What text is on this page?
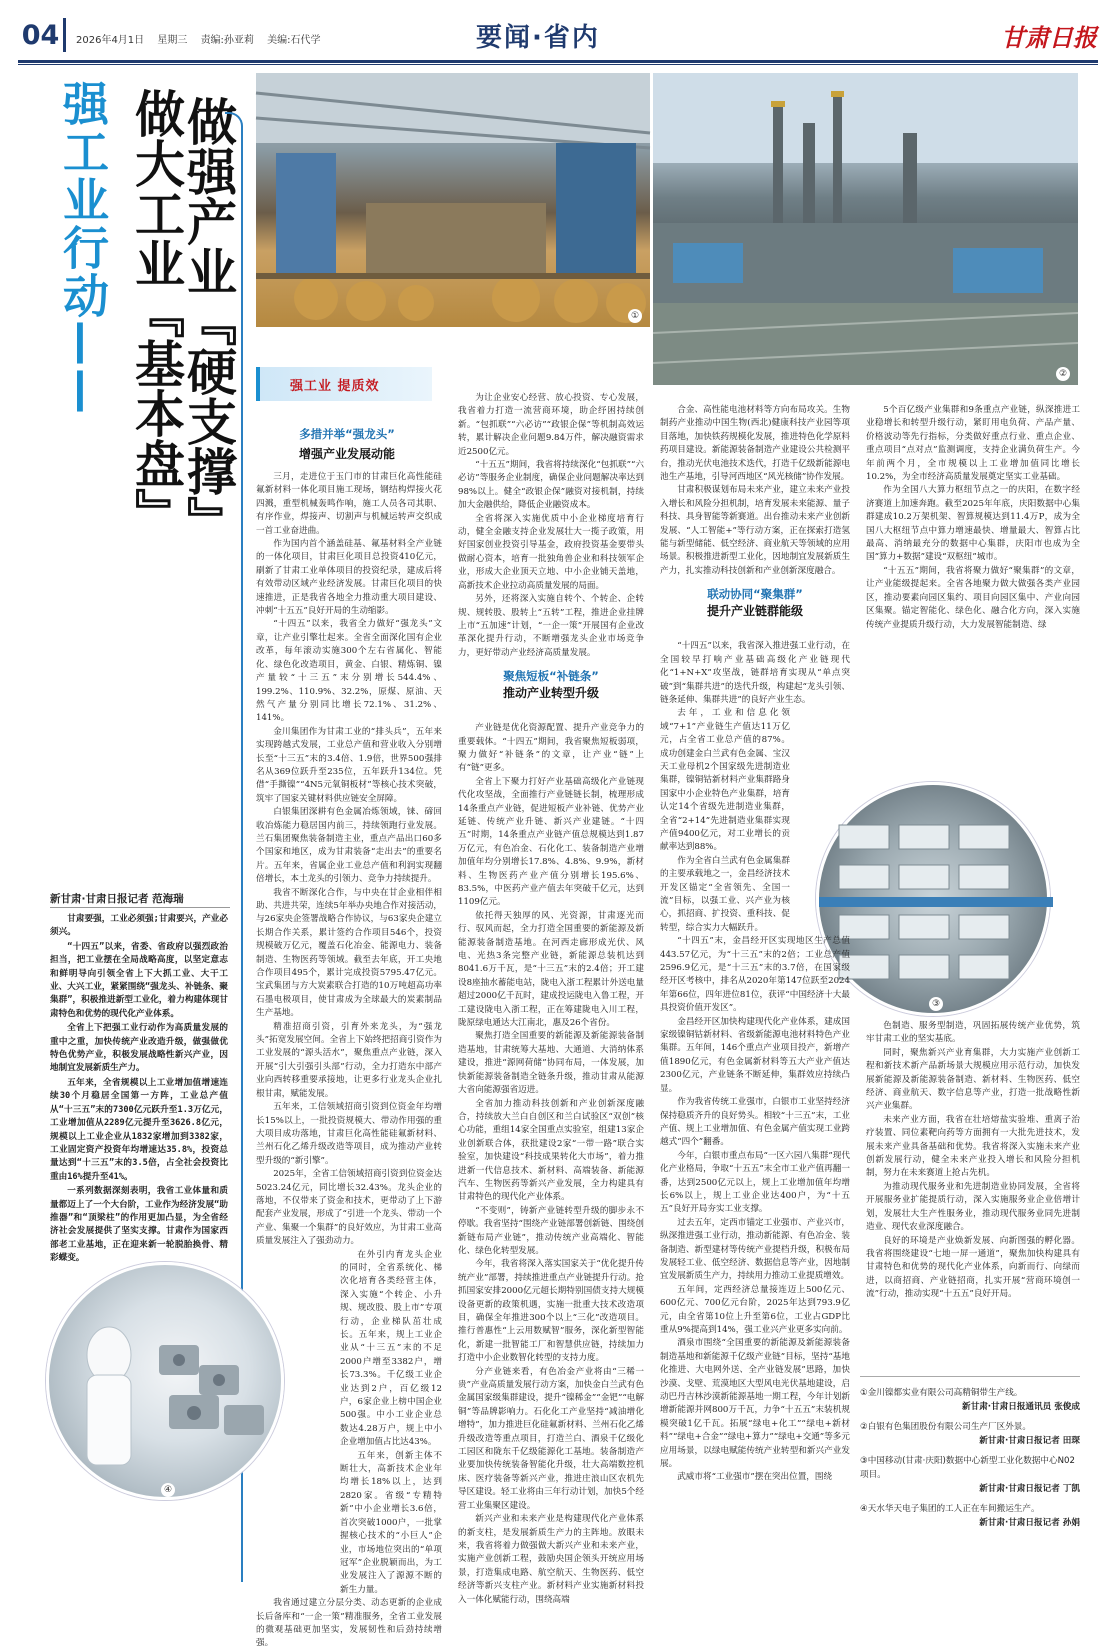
04	2026年4月1日 星期三 责编:孙亚莉 美编:石代学	要闻·省内	甘肃日报
强工业行动—— 做大工业『基本盘』
做强产业『硬支撑』
新甘肃·甘肃日报记者 范海瑞

甘肃要强，工业必须强;甘肃要兴，产业必须兴。

“十四五”以来，省委、省政府以强烈政治担当，把工业摆在全局战略高度，以坚定意志和鲜明导向引领全省上下大抓工业、大干工业、大兴工业，紧紧围绕“强龙头、补链条、聚集群”，积极推进新型工业化，着力构建体现甘肃特色和优势的现代化产业体系。

全省上下把强工业行动作为高质量发展的重中之重，加快传统产业改造升级，做强做优特色优势产业，积极发展战略性新兴产业，因地制宜发展新质生产力。

五年来，全省规模以上工业增加值增速连续30个月稳居全国第一方阵，工业总产值从“十三五”末的7300亿元跃升至1.3万亿元，工业增加值从2289亿元提升至3626.8亿元，规模以上工业企业从1832家增加到3382家，工业固定资产投资年均增速达35.8%，投资总量达到“十三五”末的3.5倍，占全社会投资比重由16%提升至41%。

一系列数据深刻表明，我省工业体量和质量都迈上了一个大台阶，工业作为经济发展“助推器”和“顶梁柱”的作用更加凸显，为全省经济社会发展提供了坚实支撑。甘肃作为国家西部老工业基地，正在迎来新一轮脱胎换骨、精彩蝶变。

①
②
③
④
强工业 提质效
多措并举“强龙头”
增强产业发展动能

三月，走进位于玉门市的甘肃巨化高性能硅氟新材料一体化项目施工现场，钢结构焊接火花四溅，重型机械轰鸣作响，施工人员各司其职、有序作业，焊接声、切割声与机械运转声交织成一首工业奋进曲。

作为国内首个涵盖硅基、氟基材料全产业链的一体化项目，甘肃巨化项目总投资410亿元，刷新了甘肃工业单体项目的投资纪录，建成后将有效带动区域产业经济发展。甘肃巨化项目的快速推进，正是我省各地全力推动重大项目建设、冲刺“十五五”良好开局的生动缩影。

“十四五”以来，我省全力做好“强龙头”文章，让产业引擎壮起来。全省全面深化国有企业改革，每年滚动实施300个左右省属化、智能化、绿色化改造项目，黄金、白银、精炼铜、镍产量较“十三五”末分别增长544.4%、199.2%、110.9%、32.2%，原煤、原油、天然气产量分别同比增长72.1%、31.2%、141%。

金川集团作为甘肃工业的“排头兵”，五年来实现跨越式发展，工业总产值和营业收入分别增长至“十三五”末的3.4倍、1.9倍，世界500强排名从369位跃升至235位，五年跃升134位。凭借“手撕镍”“4N5元氧铜板材”等核心技术突破，筑牢了国家关键材料供应链安全屏障。

白银集团深耕有色金属冶炼领域，铼、碲回收冶炼能力稳居国内前三，持续领跑行业发展。兰石集团聚焦装备制造主业，重点产品出口60多个国家和地区，成为甘肃装备“走出去”的重要名片。五年来，省属企业工业总产值和利润实现翻倍增长，本土龙头的引领力、竞争力持续提升。

我省不断深化合作，与中央在甘企业相伴相助、共进共荣，连续5年举办央地合作对接活动，与26家央企签署战略合作协议，与63家央企建立长期合作关系，累计签约合作项目546个，投资规模破万亿元，覆盖石化冶金、能源电力、装备制造、生物医药等领域。截至去年底，开工央地合作项目495个，累计完成投资5795.47亿元。宝武集团与方大炭素联合打造的10万吨超高功率石墨电极项目，使甘肃成为全球最大的炭素制品生产基地。

精准招商引资，引育外来龙头，为“强龙头”拓宽发展空间。全省上下始终把招商引资作为工业发展的“源头活水”，聚焦重点产业链，深入开展“引大引强引头部”行动，全力打造东中部产业向西转移重要承接地，让更多行业龙头企业扎根甘肃，赋能发展。

五年来，工信领域招商引资到位资金年均增长15%以上，一批投资规模大、带动作用强的重大项目成功落地，甘肃巨化高性能硅氟新材料、兰州石化乙烯升级改造等项目，成为推动产业转型升级的“新引擎”。

2025年，全省工信领域招商引资到位资金达5023.24亿元，同比增长32.43%。龙头企业的落地，不仅带来了资金和技术，更带动了上下游配套产业发展，形成了“引进一个龙头、带动一个产业、集聚一个集群”的良好效应，为甘肃工业高质量发展注入了强劲动力。

在外引内育龙头企业的同时，全省系统化、梯次化培育各类经营主体，深入实施“个转企、小升规、规改股、股上市”专项行动，企业梯队茁壮成长。五年来，规上工业企业从“十三五”末的不足2000户增至3382户，增长73.3%。千亿级工业企业达到2户，百亿级12户，6家企业上榜中国企业500强。中小工业企业总数达4.28万户，规上中小企业增加值占比达43%。

五年来，创新主体不断壮大，高新技术企业年均增长18%以上，达到2820家。省级“专精特新”中小企业增长3.6倍，首次突破1000户，一批掌握核心技术的“小巨人”企业，市场地位突出的“单项冠军”企业脱颖而出，为工业发展注入了源源不断的新生力量。

我省通过建立分层分类、动态更新的企业成长后备库和“一企一策”精准服务，全省工业发展的微观基础更加坚实，发展韧性和后劲持续增强。

为让企业安心经营、放心投资、专心发展，我省着力打造一流营商环境，助企纾困持续创新。“包抓联”“六必访”“政银企保”等机制高效运转，累计解决企业问题9.84万件，解决融资需求近2500亿元。

“十五五”期间，我省将持续深化“包抓联”“六必访”等服务企业制度，确保企业问题解决率达到98%以上。健全“政银企保”融资对接机制，持续加大金融供给，降低企业融资成本。

全省将深入实施优质中小企业梯度培育行动，健全金融支持企业发展壮大一揽子政策，用好国家创业投资引导基金，政府投资基金要带头做耐心资本，培育一批独角兽企业和科技领军企业，形成大企业顶天立地、中小企业铺天盖地，高新技术企业拉动高质量发展的局面。

另外，还将深入实施自转个、个转企、企转规、规转股、股转上“五转”工程，推进企业挂牌上市“五加速”计划，“一企一策”开展国有企业改革深化提升行动，不断增强龙头企业市场竞争力，更好带动产业经济高质量发展。

聚焦短板“补链条”
推动产业转型升级

产业链是优化资源配置、提升产业竞争力的重要载体。“十四五”期间，我省聚焦短板弱项，聚力做好“补链条”的文章，让产业“链”上有“链”更多。

全省上下聚力打好产业基础高级化产业链现代化攻坚战，全面推行产业链链长制，梳理形成14条重点产业链，促进短板产业补链、优势产业延链、传统产业升链、新兴产业建链。“十四五”时期，14条重点产业链产值总规模达到1.87万亿元，有色冶金、石化化工、装备制造产业增加值年均分别增长17.8%、4.8%、9.9%，新材料、生物医药产业产值分别增长195.6%、83.5%，中医药产业产值去年突破千亿元，达到1109亿元。

依托得天独厚的风、光资源，甘肃逐光而行、驭风而起，全力打造全国重要的新能源及新能源装备制造基地。在河西走廊形成光伏、风电、光热3条完整产业链，新能源总装机达到8041.6万千瓦，是“十三五”末的2.4倍；开工建设8座抽水蓄能电站，陇电入浙工程累计外送电量超过2000亿千瓦时，建成投运陇电入鲁工程，开工建设陇电入浙工程，正在筹建陇电入川工程，陇原绿电通达大江南北，惠及26个省份。

聚焦打造全国重要的新能源及新能源装备制造基地，甘肃统筹大基地、大通道、大消纳体系建设，推进“源网荷储”协同布局，一体发展，加快新能源装备制造全链条升级，推动甘肃从能源大省向能源强省迈进。

全省加力推动科技创新和产业创新深度融合，持续放大兰白自创区和兰白试验区“双创”核心功能，重组14家全国重点实验室，组建13家企业创新联合体，获批建设2家“一带一路”联合实验室，加快建设“科技成果转化大市场”，着力推进新一代信息技术、新材料、高端装备、新能源汽车、生物医药等新兴产业发展，全力构建具有甘肃特色的现代化产业体系。

“不变则”，铸新产业链转型升级的脚步永不停歇。我省坚持“围绕产业链部署创新链、围绕创新链布局产业链”，推动传统产业高端化、智能化、绿色化转型发展。

今年，我省将深入落实国家关于“优化提升传统产业”部署，持续推进重点产业链提升行动。抢抓国家安排2000亿元超长期特别国债支持大规模设备更新的政策机遇，实施一批重大技术改造项目，确保全年推进300个以上“三化”改造项目。推行普惠性“上云用数赋智”服务，深化新型智能化，新建一批智能工厂和智慧供应链，持续加力打造中小企业数智化转型的支持力度。

分产业链来看，有色冶金产业将由“三稀一贵”产业高质量发展行动方案，加快金白兰武有色金属国家级集群建设，提升“镍稀金”“金钯”“电解铜”等品牌影响力。石化化工产业坚持“减油增化增特”，加力推进巨化硅氟新材料、兰州石化乙烯升级改造等重点项目，打造兰白、酒泉千亿级化工园区和陇东千亿级能源化工基地。装备制造产业要加快传统装备智能化升级，壮大高端数控机床、医疗装备等新兴产业，推进庄浪山区农机先导区建设。轻工业将由三年行动计划，加快5个经营工业集聚区建设。

新兴产业和未来产业是构建现代化产业体系的新支柱，是发展新质生产力的主阵地。放眼未来，我省将着力做强做大新兴产业和未来产业，实施产业创新工程，鼓励央国企领头开统应用场景，打造集成电路、航空航天、生物医药、低空经济等新兴支柱产业。新材料产业实施新材料投入一体化赋能行动，围绕高端

合金、高性能电池材料等方向布局攻关。生物制药产业推动中国生物(西北)健康科技产业园等项目落地，加快铁药规模化发展，推进特色化学原料药项目建设。新能源装备制造产业建设公共检测平台，推动光伏电池技术迭代，打造千亿级新能源电池生产基地，引导河西地区“风光核储”协作发展。

甘肃积极谋划布局未来产业，建立未来产业投入增长和风险分担机制，培育发展未来能源、量子科技、具身智能等新赛道。出台推动未来产业创新发展、“人工智能+”等行动方案，正在探索打造氢能与新型储能、低空经济、商业航天等领域的应用场景。积极推进新型工业化，因地制宜发展新质生产力，扎实推动科技创新和产业创新深度融合。

联动协同“聚集群”
提升产业链群能级

“十四五”以来，我省深入推进强工业行动，在全国较早打响产业基础高级化产业链现代化“1+N+X”攻坚战，链群培育实现从“单点突破”到“集群共进”的迭代升级，构建起“龙头引领、链条延伸、集群共进”的良好产业生态。

去年，工业和信息化领域“7+1”产业链生产值达11万亿元，占全省工业总产值的87%。成功创建金白兰武有色金属、宝汉天工业母机2个国家级先进制造业集群，镍铜钴新材料产业集群路身国家中小企业特色产业集群，培育认定14个省级先进制造业集群，全省“2+14”先进制造业集群实现产值9400亿元，对工业增长的贡献率达到88%。

作为全省白兰武有色金属集群的主要承载地之一，金昌经济技术开发区锚定“全省领先、全国一流”目标，以强工业、兴产业为核心，抓招商、扩投资、重科技、促转型，综合实力大幅跃升。

“十四五”末，金昌经开区实现地区生产总值443.57亿元，为“十三五”末的2倍；工业总产值2596.9亿元，是“十三五”末的3.7倍，在国家级经开区考核中，排名从2020年第147位跃至2024年第66位，四年进位81位，获评“中国经济十大最具投资价值开发区”。

金昌经开区加快构建现代化产业体系，建成国家级镍铜钴新材料、省级新能源电池材料特色产业集群。五年间，146个重点产业项目投产，新增产值1890亿元，有色金属新材料等五大产业产值达2300亿元，产业链条不断延伸，集群效应持续凸显。

作为我省传统工业强市，白银市工业坚持经济保持稳质齐升的良好势头。相较“十三五”末，工业产值、规上工业增加值、有色金属产值实现工业跨越式“四个”翻番。

今年，白银市重点布局“一区六园八集群”现代化产业格局，争取“十五五”末全市工业产值再翻一番，达到2500亿元以上，规上工业增加值年均增长6%以上，规上工业企业达400户，为“十五五”良好开局夯实工业支撑。

过去五年，定西市锚定工业强市、产业兴市，纵深推进强工业行动，推动新能源、有色冶金、装备制造、新型建材等传统产业提档升级，积极布局发展轻工业、低空经济、数据信息等产业，因地制宜发展新质生产力，持续用力推动工业提质增效。

五年间，定西经济总量接连迈上500亿元、600亿元、700亿元台阶，2025年达到793.9亿元，由全省第10位上升至第6位，工业占GDP比重从9%提高到14%，强工业兴产业更多实向前。

酒泉市围绕“全国重要的新能源及新能源装备制造基地和新能源千亿级产业链”目标，坚持“基地化推进、大电网外送、全产业链发展”思路，加快沙漠、戈壁、荒漠地区大型风电光伏基地建设，启动巴丹吉林沙漠新能源基地一期工程，今年计划新增新能源并网800万千瓦，力争“十五五”末装机规模突破1亿千瓦。拓展“绿电+化工”“绿电+新材料”“绿电+合金”“绿电+算力”“绿电+交通”等多元应用场景，以绿电赋能传统产业转型和新兴产业发展。

武威市将“工业强市”摆在突出位置，围绕

5个百亿级产业集群和9条重点产业链，纵深推进工业稳增长和转型升级行动，紧盯用电负荷、产品产量、价格波动等先行指标，分类做好重点行业、重点企业、重点项目“点对点”监测调度，支持企业满负荷生产。今年前两个月，全市规模以上工业增加值同比增长10.2%，为全市经济高质量发展奠定坚实工业基础。

作为全国八大算力枢纽节点之一的庆阳，在数字经济赛道上加速奔跑。截至2025年年底，庆阳数据中心集群建成10.2万架机架、智算规模达到11.4万P，成为全国八大枢纽节点中算力增速最快、增量最大、智算占比最高、消纳最充分的数据中心集群，庆阳市也成为全国“算力+数据”建设“双枢纽”城市。

“十五五”期间，我省将聚力做好“聚集群”的文章，让产业能级提起来。全省各地聚力做大做强各类产业园区，推动要素向园区集约、项目向园区集中、产业向园区集聚。锚定智能化、绿色化、融合化方向，深入实施传统产业提质升级行动，大力发展智能制造、绿

色制造、服务型制造，巩固拓展传统产业优势，筑牢甘肃工业的坚实基底。

同时，聚焦新兴产业育集群，大力实施产业创新工程和新技术新产品新场景大规模应用示范行动，加快发展新能源及新能源装备制造、新材料、生物医药、低空经济、商业航天、数字信息等产业，打造一批战略性新兴产业集群。

未来产业方面，我省在壮培熔盐实验堆、重离子治疗装置、同位素靶向药等方面拥有一大批先进技术，发展未来产业具备基础和优势。我省将深入实施未来产业创新发展行动，健全未来产业投入增长和风险分担机制，努力在未来赛道上抢占先机。

为推动现代服务业和先进制造业协同发展，全省将开展服务业扩能提质行动，深入实施服务业企业倍增计划，发展壮大生产性服务业，推动现代服务业同先进制造业、现代农业深度融合。

良好的环境是产业焕新发展、向新图强的孵化器。我省将围绕建设“七地一屏一通道”，聚焦加快构建具有甘肃特色和优势的现代化产业体系，向新而行、向绿而进，以商招商、产业链招商，扎实开展“营商环境创一流”行动，推动实现“十五五”良好开局。

①金川镍都实业有限公司高精铜带生产线。
新甘肃·甘肃日报通讯员 张俊成
②白银有色集团股份有限公司生产厂区外景。
新甘肃·甘肃日报记者 田琛
③中国移动(甘肃·庆阳)数据中心新型工业化数据中心N02项目。
新甘肃·甘肃日报记者 丁凯
④天水华天电子集团的工人正在车间搬运生产。
新甘肃·甘肃日报记者 孙娟
